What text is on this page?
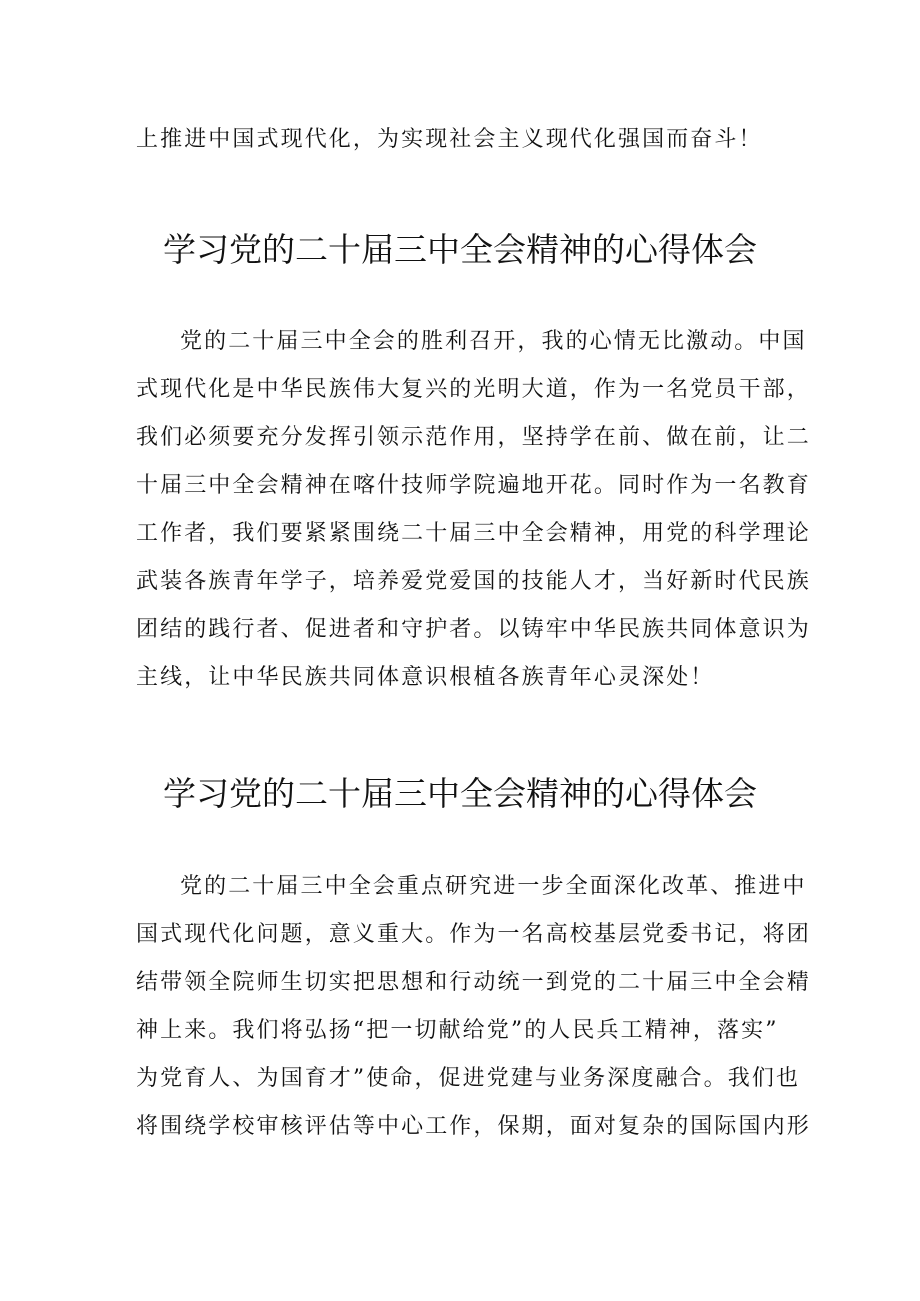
上推进中国式现代化，为实现社会主义现代化强国而奋斗！
学习党的二十届三中全会精神的心得体会
党的二十届三中全会的胜利召开，我的心情无比激动。中国
式现代化是中华民族伟大复兴的光明大道，作为一名党员干部，
我们必须要充分发挥引领示范作用，坚持学在前、做在前，让二
十届三中全会精神在喀什技师学院遍地开花。同时作为一名教育
工作者，我们要紧紧围绕二十届三中全会精神，用党的科学理论
武装各族青年学子，培养爱党爱国的技能人才，当好新时代民族
团结的践行者、促进者和守护者。以铸牢中华民族共同体意识为
主线，让中华民族共同体意识根植各族青年心灵深处！
学习党的二十届三中全会精神的心得体会
党的二十届三中全会重点研究进一步全面深化改革、推进中
国式现代化问题，意义重大。作为一名高校基层党委书记，将团
结带领全院师生切实把思想和行动统一到党的二十届三中全会精
神上来。我们将弘扬“把一切献给党”的人民兵工精神，落实”
为党育人、为国育才”使命，促进党建与业务深度融合。我们也
将围绕学校审核评估等中心工作，保期，面对复杂的国际国内形
